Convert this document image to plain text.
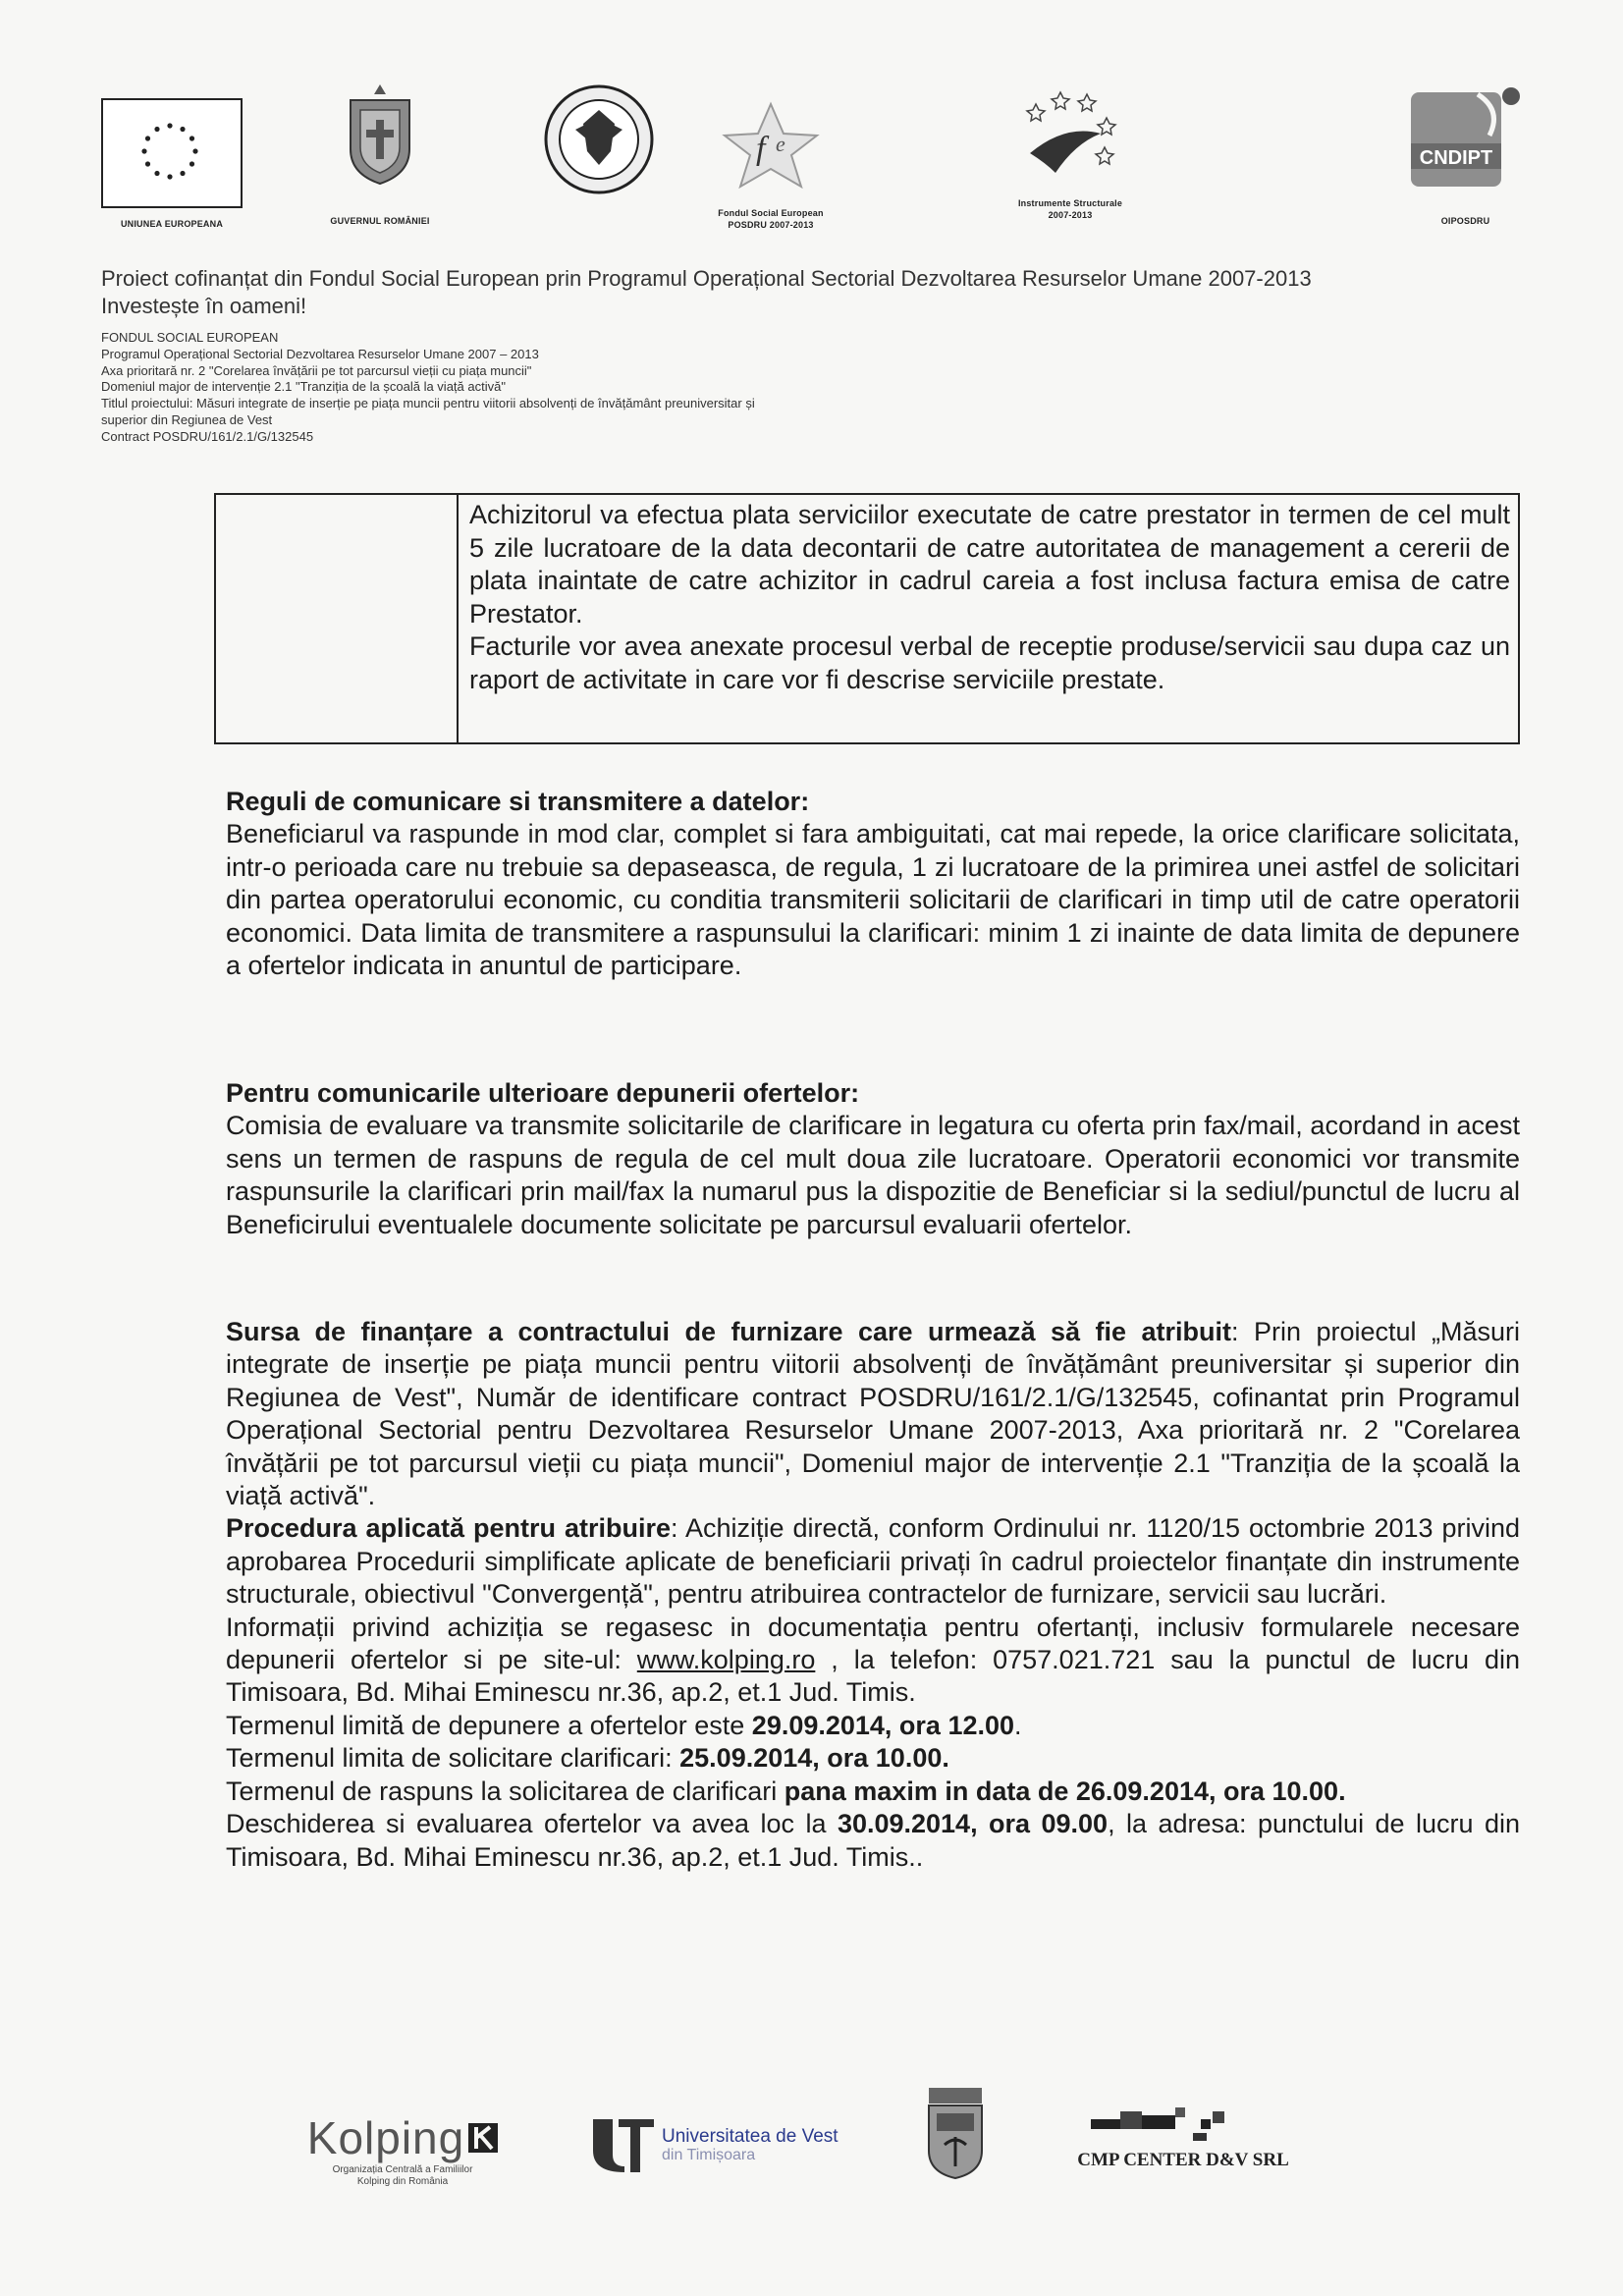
UNIUNEA EUROPEANA	GUVERNUL ROMÂNIEI
f e
Fondul Social European
POSDRU 2007-2013
Instrumente Structurale
2007-2013
CNDIPT
OIPOSDRU
Proiect cofinanțat din Fondul Social European prin Programul Operațional Sectorial Dezvoltarea Resurselor Umane 2007-2013
Investește în oameni!
FONDUL SOCIAL EUROPEAN
Programul Operațional Sectorial Dezvoltarea Resurselor Umane 2007 – 2013
Axa prioritară nr. 2 "Corelarea învățării pe tot parcursul vieții cu piața muncii"
Domeniul major de intervenție 2.1 "Tranziția de la școală la viață activă"
Titlul proiectului: Măsuri integrate de inserție pe piața muncii pentru viitorii absolvenți de învățământ preuniversitar și
superior din Regiunea de Vest
Contract POSDRU/161/2.1/G/132545

Achizitorul va efectua plata serviciilor executate de catre prestator in termen de cel mult 5 zile lucratoare de la data decontarii de catre autoritatea de management a cererii de plata inaintate de catre achizitor in cadrul careia a fost inclusa factura emisa de catre Prestator.

Facturile vor avea anexate procesul verbal de receptie produse/servicii sau dupa caz un raport de activitate in care vor fi descrise serviciile prestate.

Reguli de comunicare si transmitere a datelor:

Beneficiarul va raspunde in mod clar, complet si fara ambiguitati, cat mai repede, la orice clarificare solicitata, intr-o perioada care nu trebuie sa depaseasca, de regula, 1 zi lucratoare de la primirea unei astfel de solicitari din partea operatorului economic, cu conditia transmiterii solicitarii de clarificari in timp util de catre operatorii economici. Data limita de transmitere a raspunsului la clarificari: minim 1 zi inainte de data limita de depunere a ofertelor indicata in anuntul de participare.

Pentru comunicarile ulterioare depunerii ofertelor:

Comisia de evaluare va transmite solicitarile de clarificare in legatura cu oferta prin fax/mail, acordand in acest sens un termen de raspuns de regula de cel mult doua zile lucratoare. Operatorii economici vor transmite raspunsurile la clarificari prin mail/fax la numarul pus la dispozitie de Beneficiar si la sediul/punctul de lucru al Beneficirului eventualele documente solicitate pe parcursul evaluarii ofertelor.

Sursa de finanțare a contractului de furnizare care urmează să fie atribuit: Prin proiectul „Măsuri integrate de inserție pe piața muncii pentru viitorii absolvenți de învățământ preuniversitar și superior din Regiunea de Vest", Număr de identificare contract POSDRU/161/2.1/G/132545, cofinantat prin Programul Operațional Sectorial pentru Dezvoltarea Resurselor Umane 2007-2013, Axa prioritară nr. 2 "Corelarea învățării pe tot parcursul vieții cu piața muncii", Domeniul major de intervenție 2.1 "Tranziția de la școală la viață activă".

Procedura aplicată pentru atribuire: Achiziție directă, conform Ordinului nr. 1120/15 octombrie 2013 privind aprobarea Procedurii simplificate aplicate de beneficiarii privați în cadrul proiectelor finanțate din instrumente structurale, obiectivul "Convergență", pentru atribuirea contractelor de furnizare, servicii sau lucrări.

Informații privind achiziția se regasesc in documentația pentru ofertanți, inclusiv formularele necesare depunerii ofertelor si pe site-ul: www.kolping.ro , la telefon: 0757.021.721 sau la punctul de lucru din Timisoara, Bd. Mihai Eminescu nr.36, ap.2, et.1 Jud. Timis.

Termenul limită de depunere a ofertelor este 29.09.2014, ora 12.00.

Termenul limita de solicitare clarificari: 25.09.2014, ora 10.00.

Termenul de raspuns la solicitarea de clarificari pana maxim in data de 26.09.2014, ora 10.00.

Deschiderea si evaluarea ofertelor va avea loc la 30.09.2014, ora 09.00, la adresa: punctului de lucru din Timisoara, Bd. Mihai Eminescu nr.36, ap.2, et.1 Jud. Timis..

Kolping
Organizația Centrală a Familiilor
Kolping din România
Universitatea de Vest
din Timișoara	CMP CENTER D&V SRL
